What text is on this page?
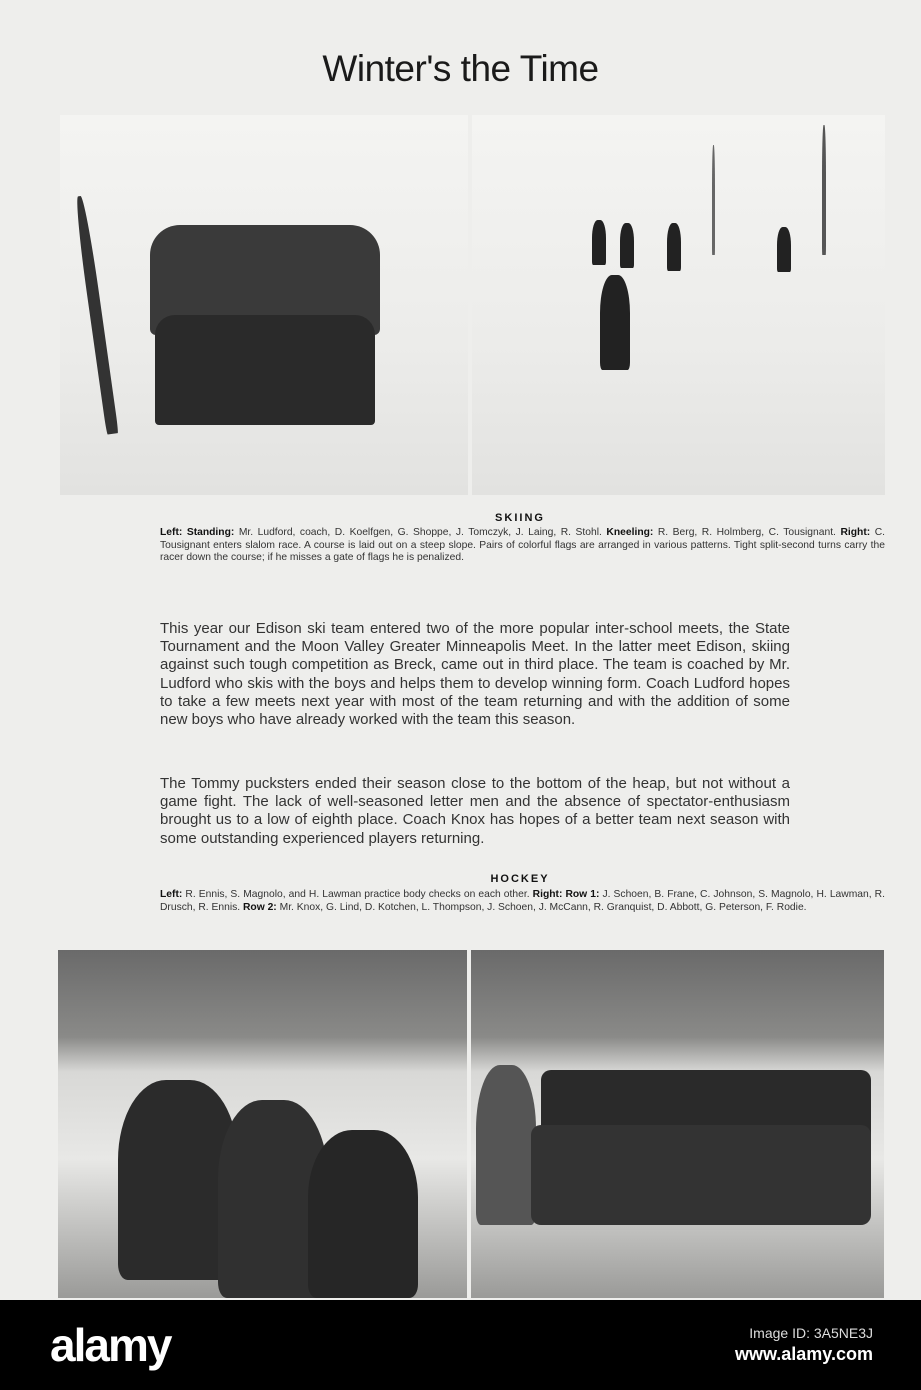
Winter's the Time
SKIING
Left: Standing: Mr. Ludford, coach, D. Koelfgen, G. Shoppe, J. Tomczyk, J. Laing, R. Stohl. Kneeling: R. Berg, R. Holmberg, C. Tousignant. Right: C. Tousignant enters slalom race. A course is laid out on a steep slope. Pairs of colorful flags are arranged in various patterns. Tight split-second turns carry the racer down the course; if he misses a gate of flags he is penalized.
This year our Edison ski team entered two of the more popular inter-school meets, the State Tournament and the Moon Valley Greater Minneapolis Meet. In the latter meet Edison, skiing against such tough competition as Breck, came out in third place. The team is coached by Mr. Ludford who skis with the boys and helps them to develop winning form. Coach Ludford hopes to take a few meets next year with most of the team returning and with the addition of some new boys who have already worked with the team this season.
The Tommy pucksters ended their season close to the bottom of the heap, but not without a game fight. The lack of well-seasoned letter men and the absence of spectator-enthusiasm brought us to a low of eighth place. Coach Knox has hopes of a better team next season with some outstanding experienced players returning.
HOCKEY
Left: R. Ennis, S. Magnolo, and H. Lawman practice body checks on each other. Right: Row 1: J. Schoen, B. Frane, C. Johnson, S. Magnolo, H. Lawman, R. Drusch, R. Ennis. Row 2: Mr. Knox, G. Lind, D. Kotchen, L. Thompson, J. Schoen, J. McCann, R. Granquist, D. Abbott, G. Peterson, F. Rodie.
alamy	Image ID: 3A5NE3J
www.alamy.com
